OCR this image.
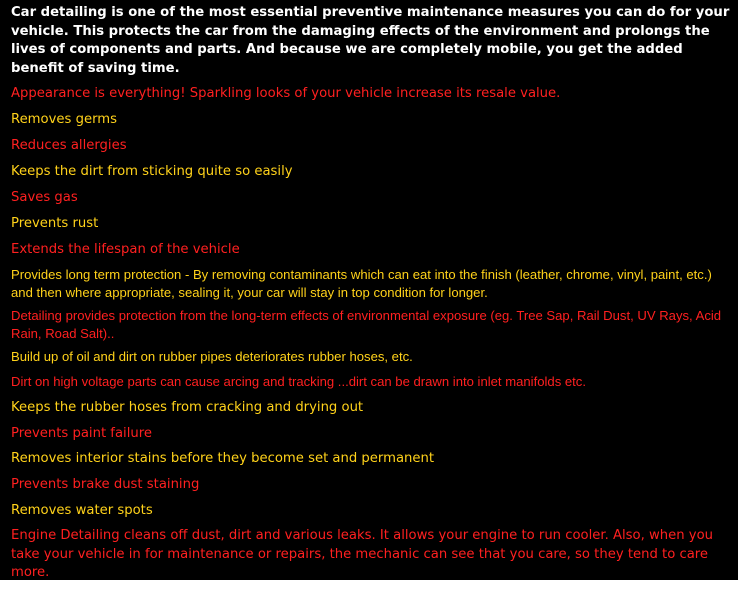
Car detailing is one of the most essential preventive maintenance measures you can do for your vehicle. This protects the car from the damaging effects of the environment and prolongs the lives of components and parts. And because we are completely mobile, you get the added benefit of saving time.

Appearance is everything! Sparkling looks of your vehicle increase its resale value.

Removes germs

Reduces allergies

Keeps the dirt from sticking quite so easily

Saves gas

Prevents rust

Extends the lifespan of the vehicle

Provides long term protection - By removing contaminants which can eat into the finish (leather, chrome, vinyl, paint, etc.) and then where appropriate, sealing it, your car will stay in top condition for longer.

Detailing provides protection from the long-term effects of environmental exposure (eg. Tree Sap, Rail Dust, UV Rays, Acid Rain, Road Salt)..

Build up of oil and dirt on rubber pipes deteriorates rubber hoses, etc.

Dirt on high voltage parts can cause arcing and tracking ...dirt can be drawn into inlet manifolds etc.

Keeps the rubber hoses from cracking and drying out

Prevents paint failure

Removes interior stains before they become set and permanent

Prevents brake dust staining

Removes water spots

Engine Detailing cleans off dust, dirt and various leaks. It allows your engine to run cooler. Also, when you take your vehicle in for maintenance or repairs, the mechanic can see that you care, so they tend to care more.
